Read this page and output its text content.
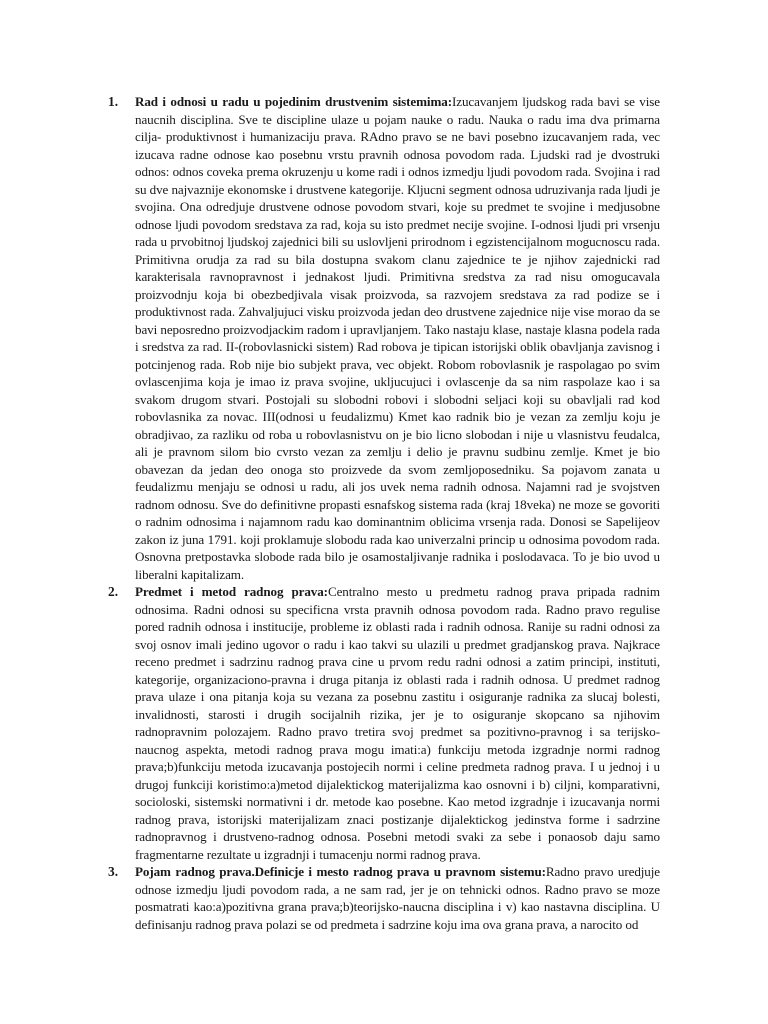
1. Rad i odnosi u radu u pojedinim drustvenim sistemima:Izucavanjem ljudskog rada bavi se vise naucnih disciplina. Sve te discipline ulaze u pojam nauke o radu. Nauka o radu ima dva primarna cilja- produktivnost i humanizaciju prava. RAdno pravo se ne bavi posebno izucavanjem rada, vec izucava radne odnose kao posebnu vrstu pravnih odnosa povodom rada. Ljudski rad je dvostruki odnos: odnos coveka prema okruzenju u kome radi i odnos izmedju ljudi povodom rada. Svojina i rad su dve najvaznije ekonomske i drustvene kategorije. Kljucni segment odnosa udruzivanja rada ljudi je svojina. Ona odredjuje drustvene odnose povodom stvari, koje su predmet te svojine i medjusobne odnose ljudi povodom sredstava za rad, koja su isto predmet necije svojine. I-odnosi ljudi pri vrsenju rada u prvobitnoj ljudskoj zajednici bili su uslovljeni prirodnom i egzistencijalnom mogucnoscu rada. Primitivna orudja za rad su bila dostupna svakom clanu zajednice te je njihov zajednicki rad karakterisala ravnopravnost i jednakost ljudi. Primitivna sredstva za rad nisu omogucavala proizvodnju koja bi obezbedjivala visak proizvoda, sa razvojem sredstava za rad podize se i produktivnost rada. Zahvaljujuci visku proizvoda jedan deo drustvene zajednice nije vise morao da se bavi neposredno proizvodjackim radom i upravljanjem. Tako nastaju klase, nastaje klasna podela rada i sredstva za rad. II-(robovlasnicki sistem) Rad robova je tipican istorijski oblik obavljanja zavisnog i potcinjenog rada. Rob nije bio subjekt prava, vec objekt. Robom robovlasnik je raspolagao po svim ovlascenjima koja je imao iz prava svojine, ukljucujuci i ovlascenje da sa nim raspolaze kao i sa svakom drugom stvari. Postojali su slobodni robovi i slobodni seljaci koji su obavljali rad kod robovlasnika za novac. III(odnosi u feudalizmu) Kmet kao radnik bio je vezan za zemlju koju je obradjivao, za razliku od roba u robovlasnistvu on je bio licno slobodan i nije u vlasnistvu feudalca, ali je pravnom silom bio cvrsto vezan za zemlju i delio je pravnu sudbinu zemlje. Kmet je bio obavezan da jedan deo onoga sto proizvede da svom zemljoposedniku. Sa pojavom zanata u feudalizmu menjaju se odnosi u radu, ali jos uvek nema radnih odnosa. Najamni rad je svojstven radnom odnosu. Sve do definitivne propasti esnafskog sistema rada (kraj 18veka) ne moze se govoriti o radnim odnosima i najamnom radu kao dominantnim oblicima vrsenja rada. Donosi se Sapelijeov zakon iz juna 1791. koji proklamuje slobodu rada kao univerzalni princip u odnosima povodom rada. Osnovna pretpostavka slobode rada bilo je osamostaljivanje radnika i poslodavaca. To je bio uvod u liberalni kapitalizam.

2. Predmet i metod radnog prava:Centralno mesto u predmetu radnog prava pripada radnim odnosima. Radni odnosi su specificna vrsta pravnih odnosa povodom rada. Radno pravo regulise pored radnih odnosa i institucije, probleme iz oblasti rada i radnih odnosa. Ranije su radni odnosi za svoj osnov imali jedino ugovor o radu i kao takvi su ulazili u predmet gradjanskog prava. Najkrace receno predmet i sadrzinu radnog prava cine u prvom redu radni odnosi a zatim principi, instituti, kategorije, organizaciono-pravna i druga pitanja iz oblasti rada i radnih odnosa. U predmet radnog prava ulaze i ona pitanja koja su vezana za posebnu zastitu i osiguranje radnika za slucaj bolesti, invalidnosti, starosti i drugih socijalnih rizika, jer je to osiguranje skopcano sa njihovim radnopravnim polozajem. Radno pravo tretira svoj predmet sa pozitivno-pravnog i sa terijsko-naucnog aspekta, metodi radnog prava mogu imati:a) funkciju metoda izgradnje normi radnog prava;b)funkciju metoda izucavanja postojecih normi i celine predmeta radnog prava. I u jednoj i u drugoj funkciji koristimo:a)metod dijalektickog materijalizma kao osnovni i b) ciljni, komparativni, socioloski, sistemski normativni i dr. metode kao posebne. Kao metod izgradnje i izucavanja normi radnog prava, istorijski materijalizam znaci postizanje dijalektickog jedinstva forme i sadrzine radnopravnog i drustveno-radnog odnosa. Posebni metodi svaki za sebe i ponaosob daju samo fragmentarne rezultate u izgradnji i tumacenju normi radnog prava.

3. Pojam radnog prava.Definicje i mesto radnog prava u pravnom sistemu:Radno pravo uredjuje odnose izmedju ljudi povodom rada, a ne sam rad, jer je on tehnicki odnos. Radno pravo se moze posmatrati kao:a)pozitivna grana prava;b)teorijsko-naucna disciplina i v) kao nastavna disciplina. U definisanju radnog prava polazi se od predmeta i sadrzine koju ima ova grana prava, a narocito od
